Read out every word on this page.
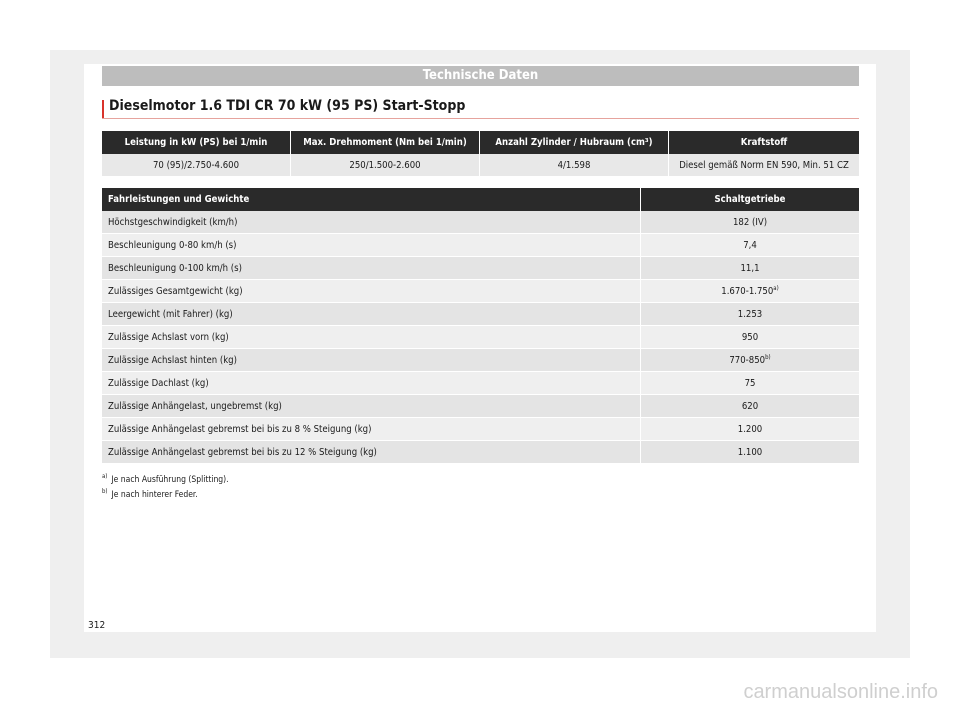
Technische Daten
Dieselmotor 1.6 TDI CR 70 kW (95 PS) Start-Stopp
Leistung in kW (PS) bei 1/min	Max. Drehmoment (Nm bei 1/min)	Anzahl Zylinder / Hubraum (cm³)	Kraftstoff
70 (95)/2.750-4.600	250/1.500-2.600	4/1.598	Diesel gemäß Norm EN 590, Min. 51 CZ
Fahrleistungen und Gewichte	Schaltgetriebe
Höchstgeschwindigkeit (km/h)	182 (IV)
Beschleunigung 0-80 km/h (s)	7,4
Beschleunigung 0-100 km/h (s)	11,1
Zulässiges Gesamtgewicht (kg)	1.670-1.750$^{a)}$
Leergewicht (mit Fahrer) (kg)	1.253
Zulässige Achslast vorn (kg)	950
Zulässige Achslast hinten (kg)	770-850$^{b)}$
Zulässige Dachlast (kg)	75
Zulässige Anhängelast, ungebremst (kg)	620
Zulässige Anhängelast gebremst bei bis zu 8 % Steigung (kg)	1.200
Zulässige Anhängelast gebremst bei bis zu 12 % Steigung (kg)	1.100
$^{a)}$ Je nach Ausführung (Splitting).
$^{b)}$ Je nach hinterer Feder.
312
carmanualsonline.info
